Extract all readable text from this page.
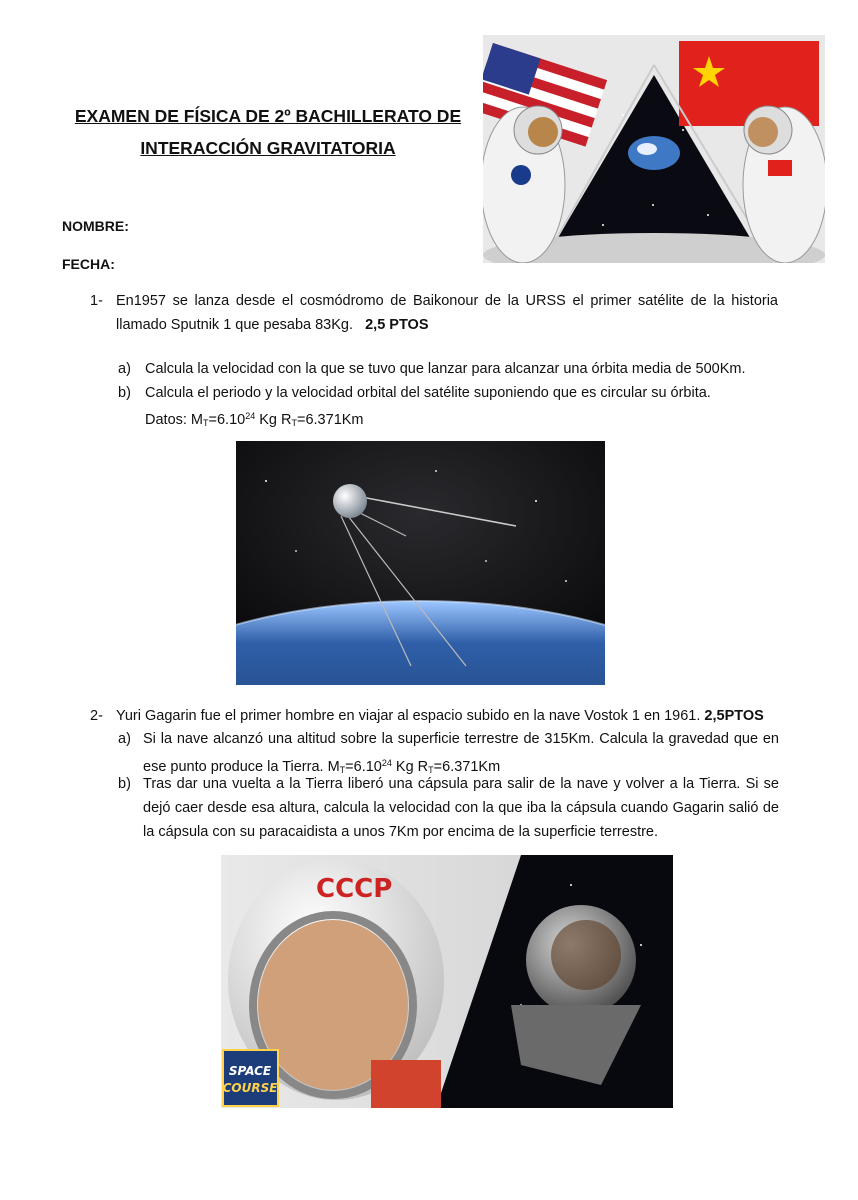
EXAMEN DE FÍSICA DE 2º BACHILLERATO DE
INTERACCIÓN GRAVITATORIA
NOMBRE:
FECHA:
1- En1957 se lanza desde el cosmódromo de Baikonour de la URSS el primer satélite de la historia llamado Sputnik 1 que pesaba 83Kg. 2,5 PTOS
a) Calcula la velocidad con la que se tuvo que lanzar para alcanzar una órbita media de 500Km.
b) Calcula el periodo y la velocidad orbital del satélite suponiendo que es circular su órbita.
Datos: $M_T=6.10^{24}$ Kg $R_T=6.371Km$
2- Yuri Gagarin fue el primer hombre en viajar al espacio subido en la nave Vostok 1 en 1961. 2,5PTOS
a) Si la nave alcanzó una altitud sobre la superficie terrestre de 315Km. Calcula la gravedad que en ese punto produce la Tierra. $M_T=6.10^{24}$ Kg $R_T=6.371Km$
b) Tras dar una vuelta a la Tierra liberó una cápsula para salir de la nave y volver a la Tierra. Si se dejó caer desde esa altura, calcula la velocidad con la que iba la cápsula cuando Gagarin salió de la cápsula con su paracaidista a unos 7Km por encima de la superficie terrestre.
CCCP
SPACE
COURSE
